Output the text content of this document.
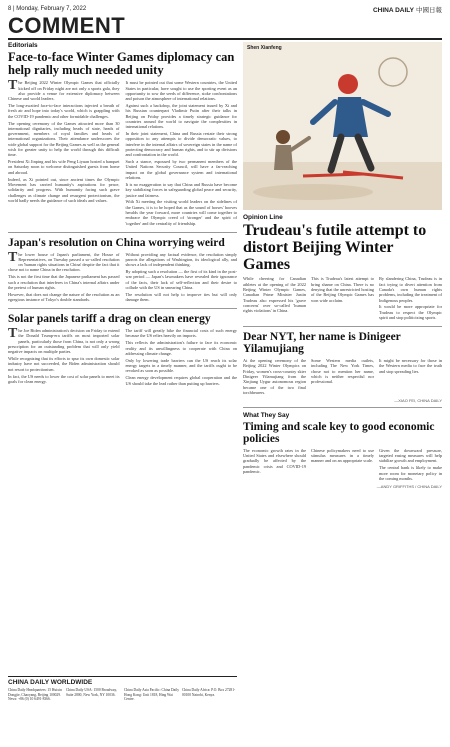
8 | Monday, February 7, 2022	CHINA DAILY 中國日報
COMMENT
Editorials
Face-to-face Winter Games diplomacy can help rally much needed unity

The Beijing 2022 Winter Olympic Games that officially kicked off on Friday night are not only a sports gala, they also provide a venue for extensive diplomacy between Chinese and world leaders.

The long-awaited face-to-face interactions injected a breath of fresh air and hope into today's world, which is grappling with the COVID-19 pandemic and other formidable challenges.

The opening ceremony of the Games attracted more than 30 international dignitaries, including heads of state, heads of government, members of royal families and heads of international organizations. Their attendance underscores the wide global support for the Beijing Games as well as the general wish for greater unity to help the world through this difficult time.

President Xi Jinping and his wife Peng Liyuan hosted a banquet on Saturday noon to welcome distinguished guests from home and abroad.

Indeed, as Xi pointed out, since ancient times the Olympic Movement has carried humanity's aspirations for peace, solidarity and progress. With humanity facing such grave challenges as climate change and resurgent protectionism, the world badly needs the guidance of such ideals and values.

It must be pointed out that some Western countries, the United States in particular, have sought to use the sporting event as an opportunity to sow the seeds of difference, stoke confrontations and poison the atmosphere of international relations.

Against such a backdrop, the joint statement issued by Xi and his Russian counterpart Vladimir Putin after their talks in Beijing on Friday provides a timely strategic guidance for countries around the world to navigate the complexities in international relations.

In their joint statement, China and Russia restate their strong opposition to any attempts to divide democratic values, to interfere in the internal affairs of sovereign states in the name of protecting democracy and human rights, and to stir up divisions and confrontation in the world.

Such a stance, espoused by two permanent members of the United Nations Security Council, will have a far-reaching impact on the global governance system and international relations.

It is no exaggeration to say that China and Russia have become key stabilizing forces in safeguarding global peace and security, justice and fairness.

With Xi meeting the visiting world leaders on the sidelines of the Games, it is to be hoped that as the sound of horses' hooves heralds the year forward, more countries will come together to embrace the Olympic creed of 'stronger' and the spirit of 'together' and the centrality of friendship.

Japan's resolution on China worrying weird

The lower house of Japan's parliament, the House of Representatives, on Tuesday passed a so-called resolution on 'human rights situations in China' despite the fact that it chose not to name China in the resolution.

This is not the first time that the Japanese parliament has passed such a resolution that interferes in China's internal affairs under the pretext of human rights.

However, that does not change the nature of the resolution as an egregious instance of Tokyo's double standards.

Without providing any factual evidence, the resolution simply parrots the allegations of Washington, its ideological ally, and shows a lack of independent thinking.

By adopting such a resolution — the first of its kind in the post-war period — Japan's lawmakers have revealed their ignorance of the facts, their lack of self-reflection and their desire to collude with the US in smearing China.

The resolution will not help to improve ties but will only damage them.

Solar panels tariff a drag on clean energy

The Joe Biden administration's decision on Friday to extend the Donald Trump-era tariffs on most imported solar panels, particularly those from China, is not only a wrong prescription for an outstanding problem that will only yield negative impacts on multiple parties.

While recognizing that its efforts to spur its own domestic solar industry have not succeeded, the Biden administration should not resort to protectionism.

In fact, the US needs to lower the cost of solar panels to meet its goals for clean energy.

The tariff will greatly hike the financial costs of such energy because the US relies heavily on imports.

This reflects the administration's failure to face its economic reality and its unwillingness to cooperate with China on addressing climate change.

Only by lowering trade barriers can the US reach its solar energy targets in a timely manner, and the tariffs ought to be revoked as soon as possible.

Clean energy development requires global cooperation and the US should take the lead rather than putting up barriers.

CHINA DAILY WORLDWIDE
China Daily Headquarters: 15 Huixin Dongjie, Chaoyang, Beijing 100029. News: +86 (0) 10 6491-8366.
China Daily USA: 1500 Broadway, Suite 2800, New York, NY 10036.
China Daily Asia Pacific: China Daily Hong Kong: Unit 1818, Hing Wai Centre.
China Daily Africa: P.O. Box 27281-00100 Nairobi, Kenya.
Shen Xianfeng
Opinion Line
Trudeau's futile attempt to distort Beijing Winter Games

While cheering for Canadian athletes at the opening of the 2022 Beijing Winter Olympic Games, Canadian Prime Minister Justin Trudeau also expressed his 'grave concerns' over so-called 'human rights violations' in China.

This is Trudeau's latest attempt to bring shame on China. There is no denying that the unrestricted hosting of the Beijing Olympic Games has won wide acclaim.

By slandering China, Trudeau is in fact trying to divert attention from Canada's own human rights problems, including the treatment of Indigenous peoples.

It would be more appropriate for Trudeau to respect the Olympic spirit and stop politicizing sports.

Dear NYT, her name is Dinigeer Yilamujiang

At the opening ceremony of the Beijing 2022 Winter Olympics on Friday, women's cross-country skier Dinigeer Yilamujiang from the Xinjiang Uygur autonomous region became one of the two final torchbearers.

Some Western media outlets, including The New York Times, chose not to mention her name, which is neither respectful nor professional.

It might be necessary for those in the Western media to face the truth and stop spreading lies.

—XIAO FEI, CHINA DAILY
What They Say
Timing and scale key to good economic policies

The economic growth rates in the United States and elsewhere should gradually be affected by the pandemic crisis and COVID-19 pandemic.

Chinese policymakers need to use stimulus measures in a timely manner and on an appropriate scale.

Given the downward pressure, targeted easing measures will help stabilize growth and employment.

The central bank is likely to make more room for monetary policy in the coming months.

—ANDY GRIFFITHS / CHINA DAILY
